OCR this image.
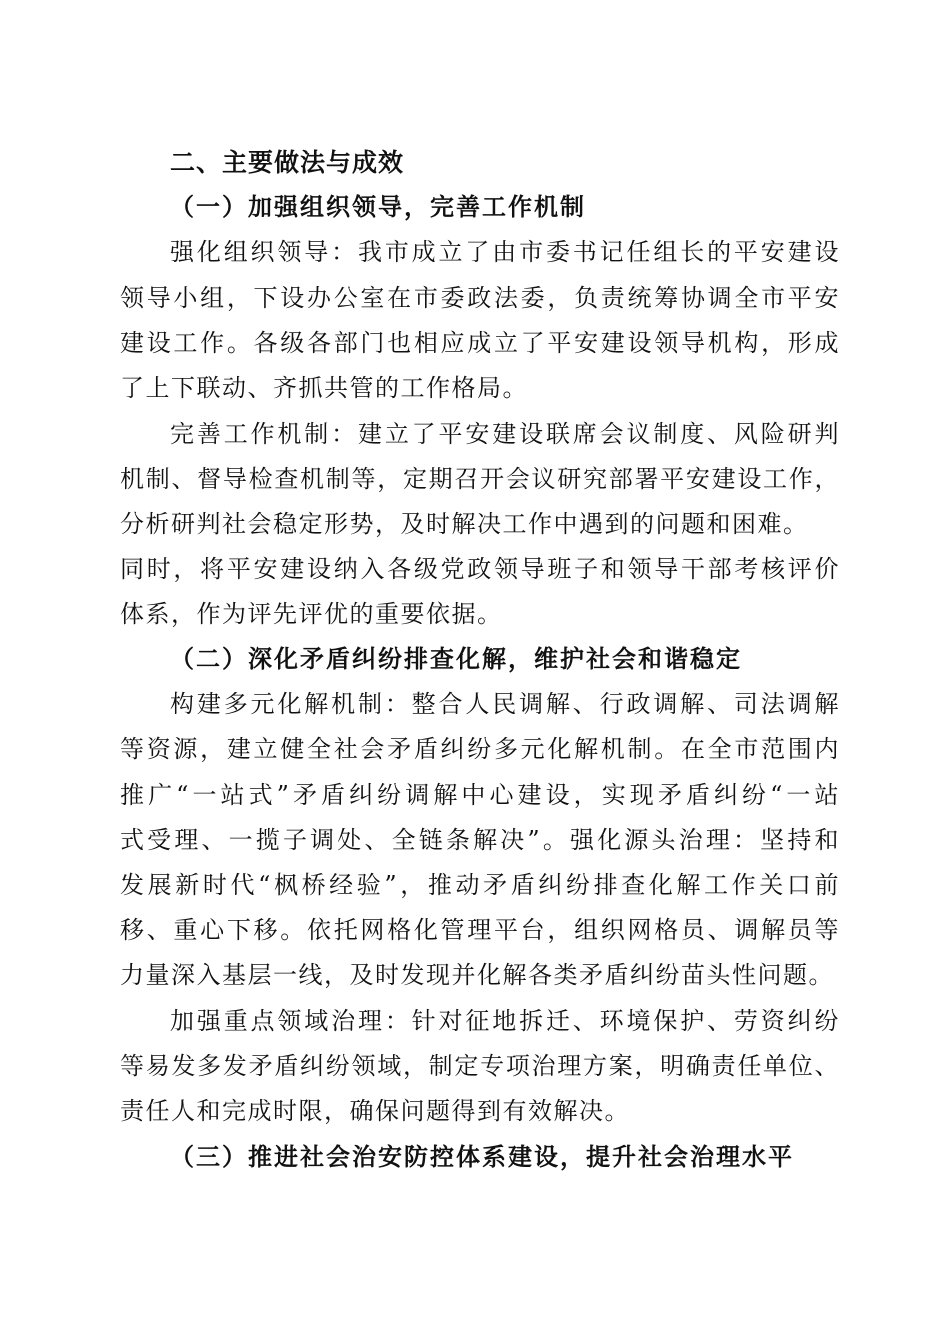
二、主要做法与成效
（一）加强组织领导，完善工作机制
强化组织领导：我市成立了由市委书记任组长的平安建设
领导小组，下设办公室在市委政法委，负责统筹协调全市平安
建设工作。各级各部门也相应成立了平安建设领导机构，形成
了上下联动、齐抓共管的工作格局。
完善工作机制：建立了平安建设联席会议制度、风险研判
机制、督导检查机制等，定期召开会议研究部署平安建设工作，
分析研判社会稳定形势，及时解决工作中遇到的问题和困难。
同时，将平安建设纳入各级党政领导班子和领导干部考核评价
体系，作为评先评优的重要依据。
（二）深化矛盾纠纷排查化解，维护社会和谐稳定
构建多元化解机制：整合人民调解、行政调解、司法调解
等资源，建立健全社会矛盾纠纷多元化解机制。在全市范围内
推广“一站式”矛盾纠纷调解中心建设，实现矛盾纠纷“一站
式受理、一揽子调处、全链条解决”。强化源头治理：坚持和
发展新时代“枫桥经验”，推动矛盾纠纷排查化解工作关口前
移、重心下移。依托网格化管理平台，组织网格员、调解员等
力量深入基层一线，及时发现并化解各类矛盾纠纷苗头性问题。
加强重点领域治理：针对征地拆迁、环境保护、劳资纠纷
等易发多发矛盾纠纷领域，制定专项治理方案，明确责任单位、
责任人和完成时限，确保问题得到有效解决。
（三）推进社会治安防控体系建设，提升社会治理水平
